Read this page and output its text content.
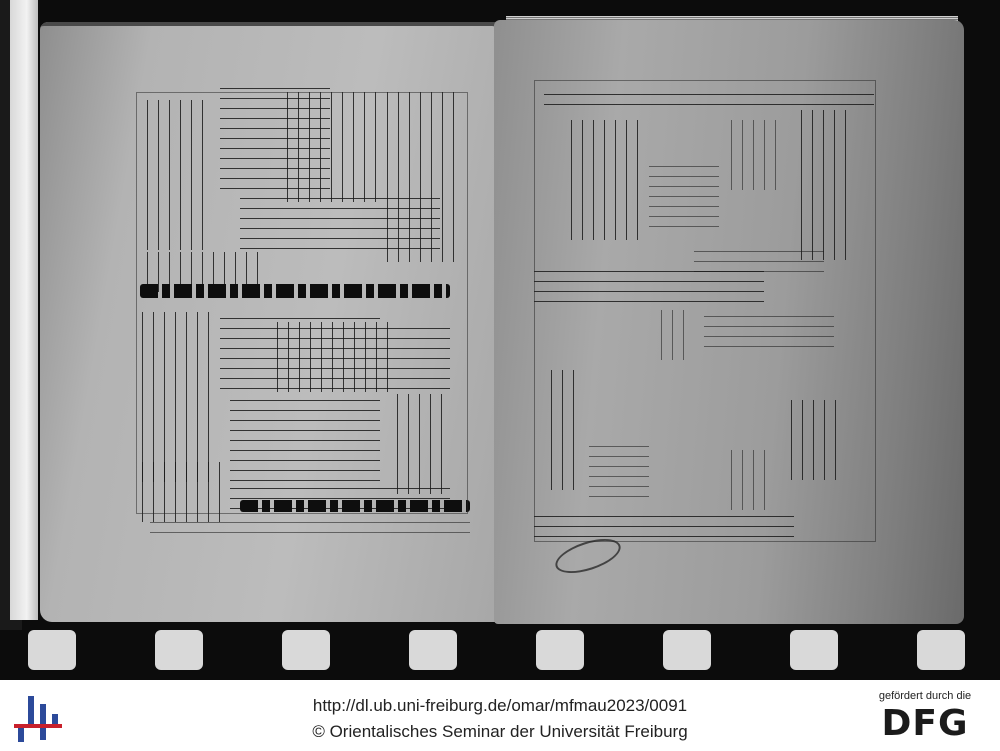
http://dl.ub.uni-freiburg.de/omar/mfmau2023/0091
© Orientalisches Seminar der Universität Freiburg
gefördert durch die
DFG
